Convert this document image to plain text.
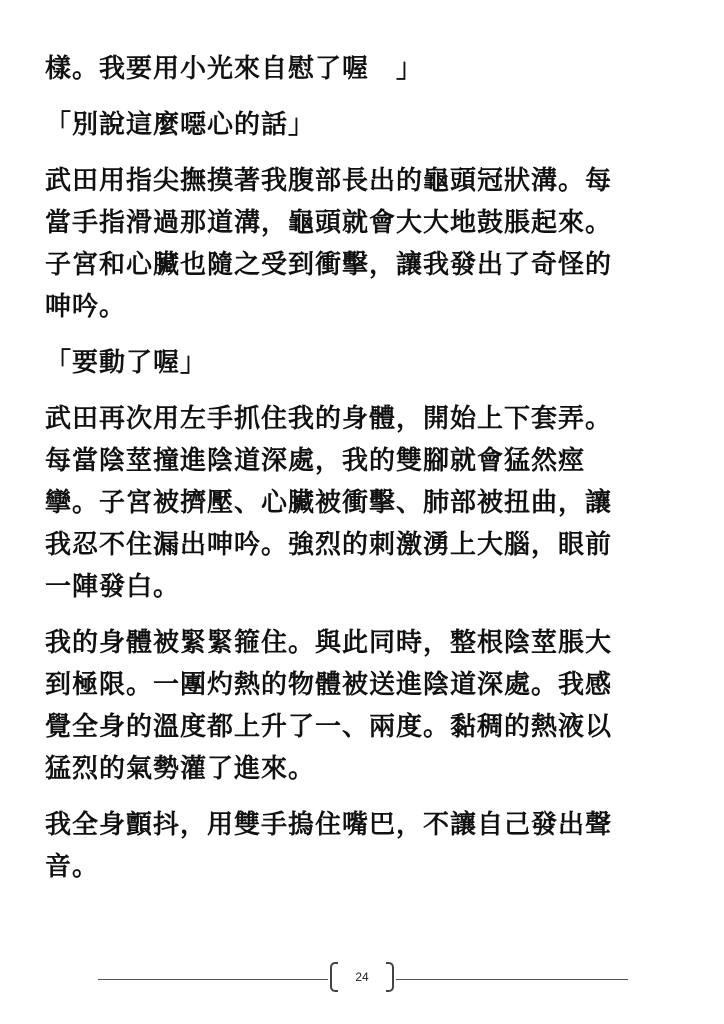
樣。我要用小光來自慰了喔　」

「別說這麼噁心的話」

武田用指尖撫摸著我腹部長出的龜頭冠狀溝。每
當手指滑過那道溝，龜頭就會大大地鼓脹起來。
子宮和心臟也隨之受到衝擊，讓我發出了奇怪的
呻吟。

「要動了喔」

武田再次用左手抓住我的身體，開始上下套弄。
每當陰莖撞進陰道深處，我的雙腳就會猛然痙
攣。子宮被擠壓、心臟被衝擊、肺部被扭曲，讓
我忍不住漏出呻吟。強烈的刺激湧上大腦，眼前
一陣發白。

我的身體被緊緊箍住。與此同時，整根陰莖脹大
到極限。一團灼熱的物體被送進陰道深處。我感
覺全身的溫度都上升了一、兩度。黏稠的熱液以
猛烈的氣勢灌了進來。

我全身顫抖，用雙手摀住嘴巴，不讓自己發出聲
音。

24
